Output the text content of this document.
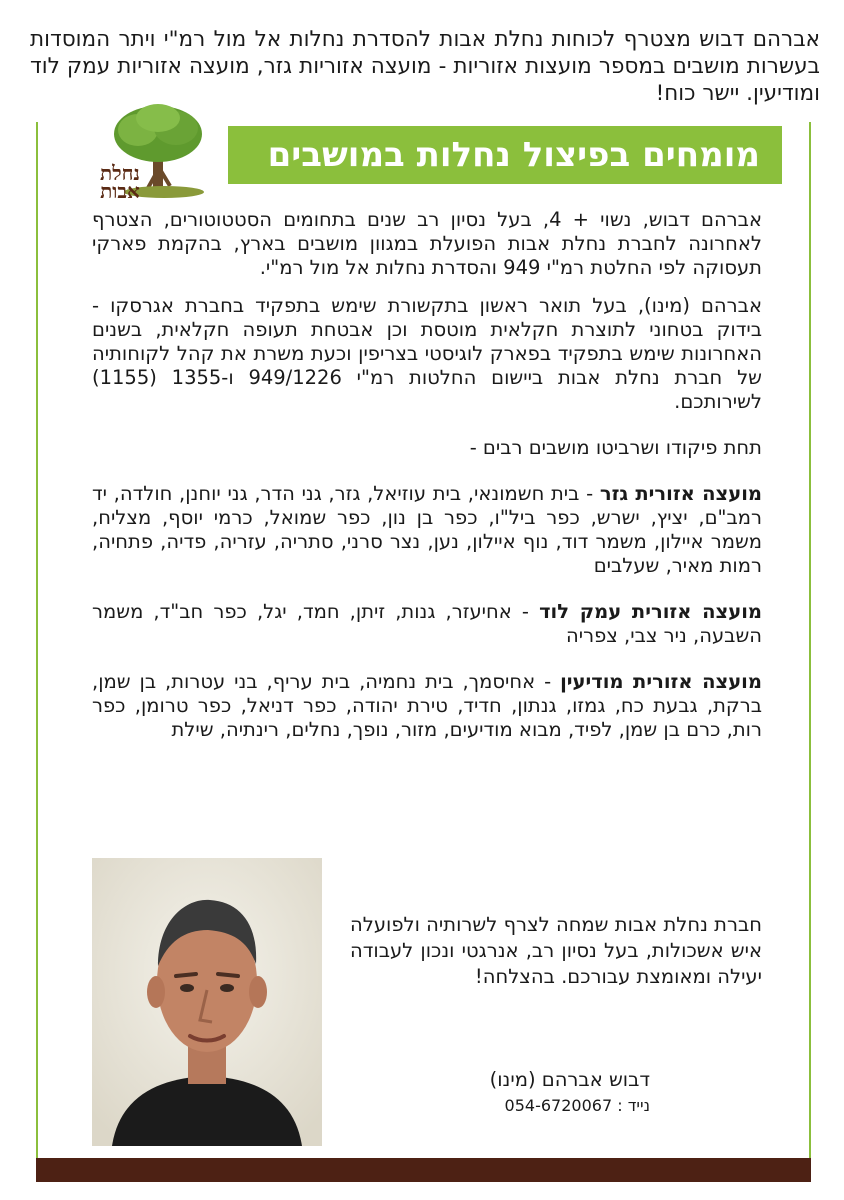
אברהם דבוש מצטרף לכוחות נחלת אבות להסדרת נחלות אל מול רמ"י ויתר המוסדות בעשרות מושבים במספר מועצות אזוריות - מועצה אזוריות גזר, מועצה אזוריות עמק לוד ומודיעין. יישר כוח!
נחלת
אבות
מומחים בפיצול נחלות במושבים

אברהם דבוש, נשוי + 4, בעל נסיון רב שנים בתחומים הסטטוטורים, הצטרף לאחרונה לחברת נחלת אבות הפועלת במגוון מושבים בארץ, בהקמת פארקי תעסוקה לפי החלטת רמ"י 949 והסדרת נחלות אל מול רמ"י.

אברהם (מינו), בעל תואר ראשון בתקשורת שימש בתפקיד בחברת אגרסקו - בידוק בטחוני לתוצרת חקלאית מוטסת וכן אבטחת תעופה חקלאית, בשנים האחרונות שימש בתפקיד בפארק לוגיסטי בצריפין וכעת משרת את קהל לקוחותיה של חברת נחלת אבות ביישום החלטות רמ"י 949/1226 ו-1355 (1155) לשירותכם.

תחת פיקודו ושרביטו מושבים רבים -

מועצה אזורית גזר - בית חשמונאי, בית עוזיאל, גזר, גני הדר, גני יוחנן, חולדה, יד רמב"ם, יציץ, ישרש, כפר ביל"ו, כפר בן נון, כפר שמואל, כרמי יוסף, מצליח, משמר איילון, משמר דוד, נוף איילון, נען, נצר סרני, סתריה, עזריה, פדיה, פתחיה, רמות מאיר, שעלבים

מועצה אזורית עמק לוד - אחיעזר, גנות, זיתן, חמד, יגל, כפר חב"ד, משמר השבעה, ניר צבי, צפריה

מועצה אזורית מודיעין - אחיסמך, בית נחמיה, בית עריף, בני עטרות, בן שמן, ברקת, גבעת כח, גמזו, גנתון, חדיד, טירת יהודה, כפר דניאל, כפר טרומן, כפר רות, כרם בן שמן, לפיד, מבוא מודיעים, מזור, נופך, נחלים, רינתיה, שילת

חברת נחלת אבות שמחה לצרף לשרותיה ולפועלה איש אשכולות, בעל נסיון רב, אנרגטי ונכון לעבודה יעילה ומאומצת עבורכם. בהצלחה!
דבוש אברהם (מינו)
נייד : 054-6720067
